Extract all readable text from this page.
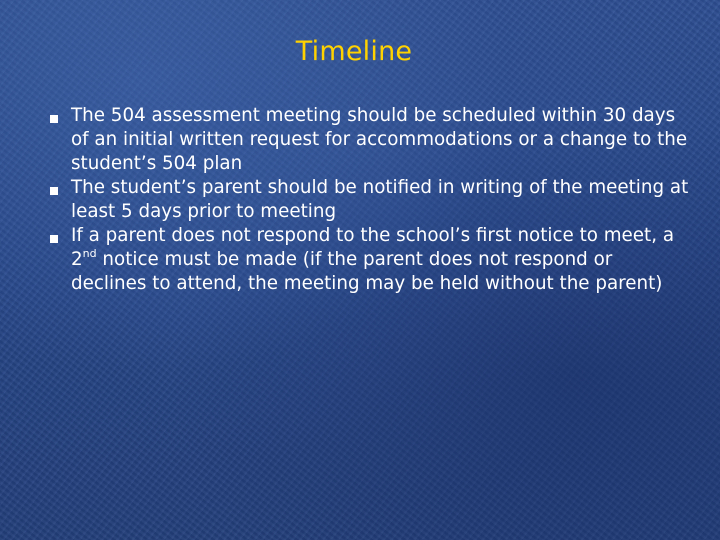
Timeline
The 504 assessment meeting should be scheduled within 30 days of an initial written request for accommodations or a change to the student’s 504 plan
The student’s parent should be notified in writing of the meeting at least 5 days prior to meeting
If a parent does not respond to the school’s first notice to meet, a 2nd notice must be made (if the parent does not respond or declines to attend, the meeting may be held without the parent)
